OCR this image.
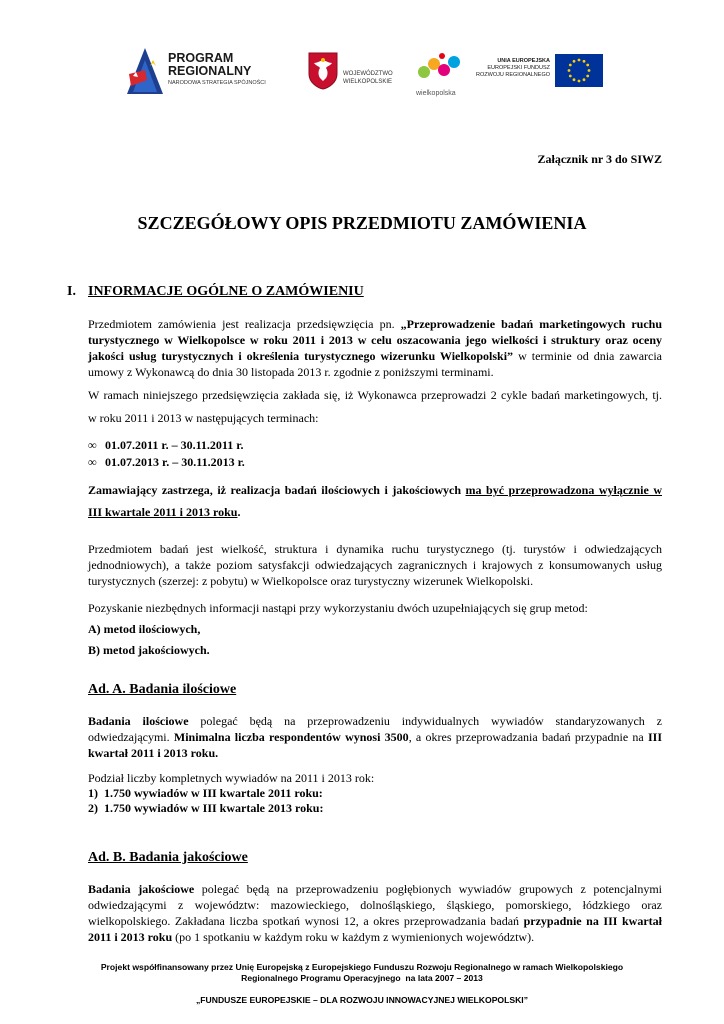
PROGRAM
REGIONALNY
NARODOWA STRATEGIA SPÓJNOŚCI
WOJEWÓDZTWO
WIELKOPOLSKIE
wielkopolska
UNIA EUROPEJSKA
EUROPEJSKI FUNDUSZ
ROZWOJU REGIONALNEGO
Załącznik nr 3 do SIWZ
SZCZEGÓŁOWY OPIS PRZEDMIOTU ZAMÓWIENIA
I. INFORMACJE OGÓLNE O ZAMÓWIENIU

Przedmiotem zamówienia jest realizacja przedsięwzięcia pn. „Przeprowadzenie badań marketingowych ruchu turystycznego w Wielkopolsce w roku 2011 i 2013 w celu oszacowania jego wielkości i struktury oraz oceny jakości usług turystycznych i określenia turystycznego wizerunku Wielkopolski” w terminie od dnia zawarcia umowy z Wykonawcą do dnia 30 listopada 2013 r. zgodnie z poniższymi terminami.

W ramach niniejszego przedsięwzięcia zakłada się, iż Wykonawca przeprowadzi 2 cykle badań marketingowych, tj.
w roku 2011 i 2013 w następujących terminach:
∞ 01.07.2011 r. – 30.11.2011 r.
∞ 01.07.2013 r. – 30.11.2013 r.
Zamawiający zastrzega, iż realizacja badań ilościowych i jakościowych ma być przeprowadzona wyłącznie w
III kwartale 2011 i 2013 roku.

Przedmiotem badań jest wielkość, struktura i dynamika ruchu turystycznego (tj. turystów i odwiedzających jednodniowych), a także poziom satysfakcji odwiedzających zagranicznych i krajowych z konsumowanych usług turystycznych (szerzej: z pobytu) w Wielkopolsce oraz turystyczny wizerunek Wielkopolski.

Pozyskanie niezbędnych informacji nastąpi przy wykorzystaniu dwóch uzupełniających się grup metod:

A) metod ilościowych,
B) metod jakościowych.
Ad. A. Badania ilościowe

Badania ilościowe polegać będą na przeprowadzeniu indywidualnych wywiadów standaryzowanych z odwiedzającymi. Minimalna liczba respondentów wynosi 3500, a okres przeprowadzania badań przypadnie na III kwartał 2011 i 2013 roku.

Podział liczby kompletnych wywiadów na 2011 i 2013 rok:
1)  1.750 wywiadów w III kwartale 2011 roku:
2)  1.750 wywiadów w III kwartale 2013 roku:
Ad. B. Badania jakościowe

Badania jakościowe polegać będą na przeprowadzeniu pogłębionych wywiadów grupowych z potencjalnymi odwiedzającymi z województw: mazowieckiego, dolnośląskiego, śląskiego, pomorskiego, łódzkiego oraz wielkopolskiego. Zakładana liczba spotkań wynosi 12, a okres przeprowadzania badań przypadnie na III kwartał 2011 i 2013 roku (po 1 spotkaniu w każdym roku w każdym z wymienionych województw).

Projekt współfinansowany przez Unię Europejską z Europejskiego Funduszu Rozwoju Regionalnego w ramach Wielkopolskiego
Regionalnego Programu Operacyjnego  na lata 2007 – 2013
„FUNDUSZE EUROPEJSKIE – DLA ROZWOJU INNOWACYJNEJ WIELKOPOLSKI”
